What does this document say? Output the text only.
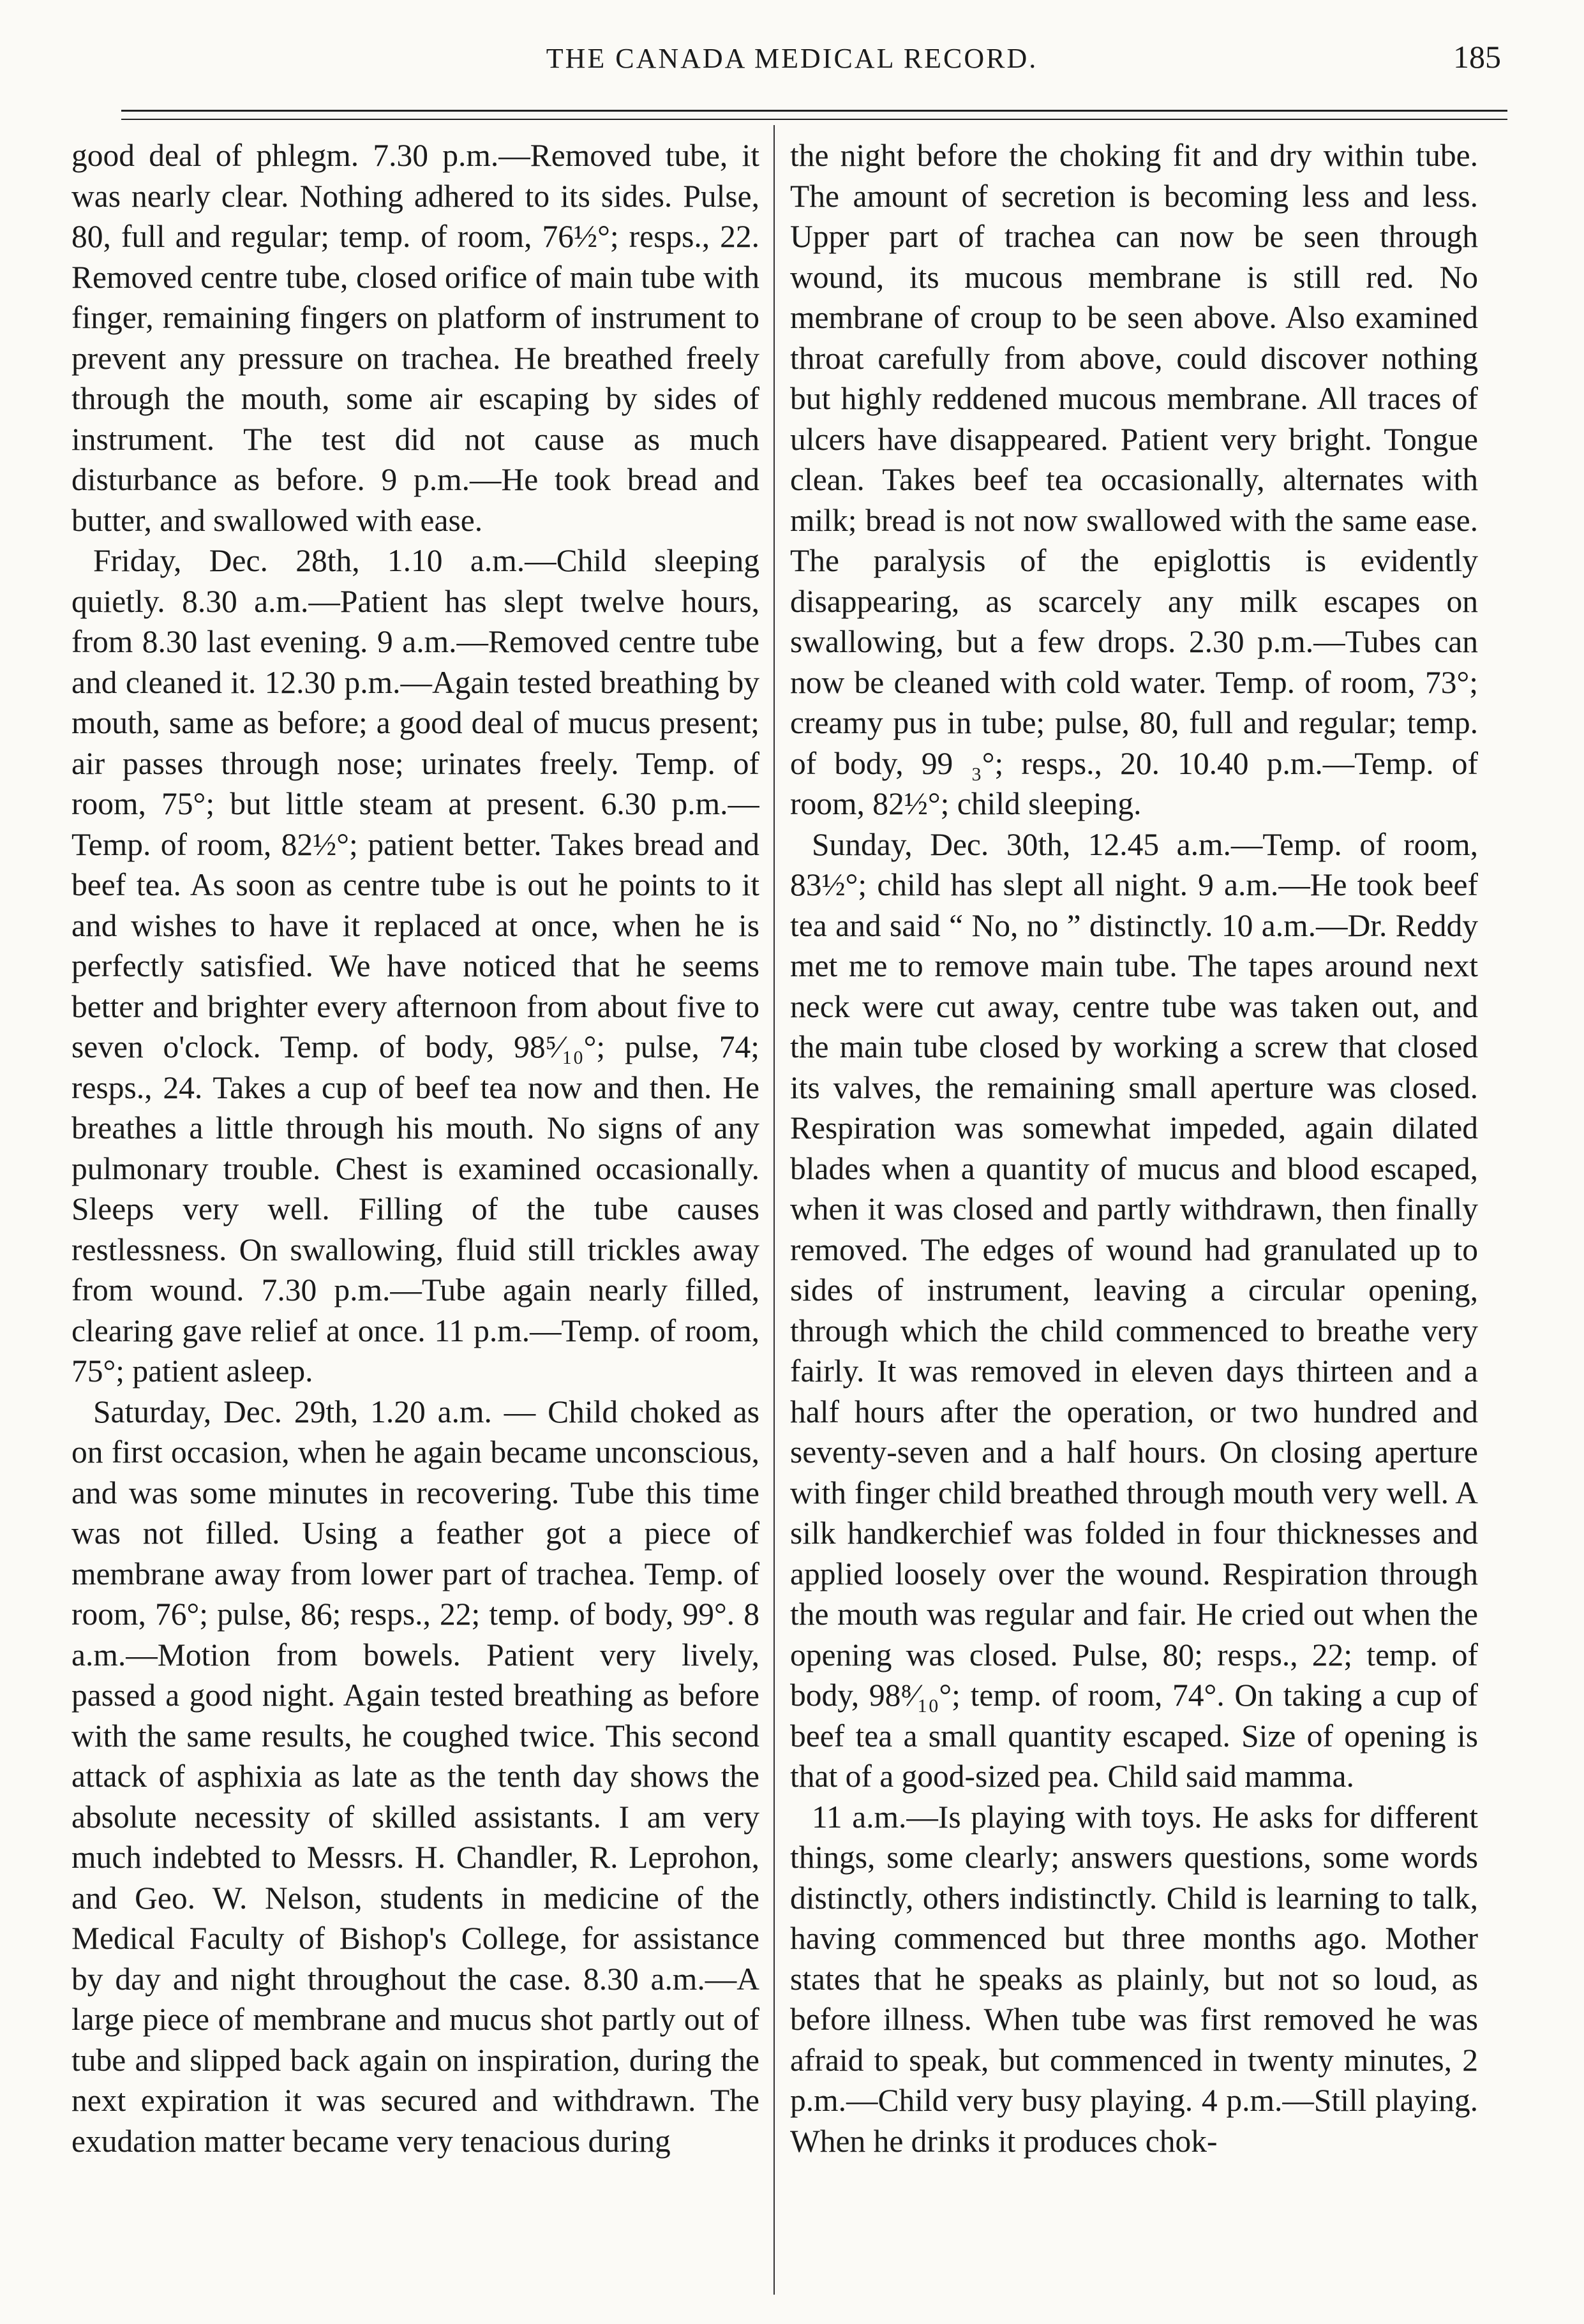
THE CANADA MEDICAL RECORD.	185

good deal of phlegm. 7.30 p.m.—Removed tube, it was nearly clear. Nothing adhered to its sides. Pulse, 80, full and regular; temp. of room, 76½°; resps., 22. Removed centre tube, closed orifice of main tube with finger, remaining fingers on platform of instrument to prevent any pressure on trachea. He breathed freely through the mouth, some air escaping by sides of instrument. The test did not cause as much disturbance as before. 9 p.m.—He took bread and butter, and swallowed with ease.

Friday, Dec. 28th, 1.10 a.m.—Child sleeping quietly. 8.30 a.m.—Patient has slept twelve hours, from 8.30 last evening. 9 a.m.—Removed centre tube and cleaned it. 12.30 p.m.—Again tested breathing by mouth, same as before; a good deal of mucus present; air passes through nose; urinates freely. Temp. of room, 75°; but little steam at present. 6.30 p.m.—Temp. of room, 82½°; patient better. Takes bread and beef tea. As soon as centre tube is out he points to it and wishes to have it replaced at once, when he is perfectly satisfied. We have noticed that he seems better and brighter every afternoon from about five to seven o'clock. Temp. of body, 98⁵⁄₁₀°; pulse, 74; resps., 24. Takes a cup of beef tea now and then. He breathes a little through his mouth. No signs of any pulmonary trouble. Chest is examined occasionally. Sleeps very well. Filling of the tube causes restlessness. On swallowing, fluid still trickles away from wound. 7.30 p.m.—Tube again nearly filled, clearing gave relief at once. 11 p.m.—Temp. of room, 75°; patient asleep.

Saturday, Dec. 29th, 1.20 a.m. — Child choked as on first occasion, when he again became unconscious, and was some minutes in recovering. Tube this time was not filled. Using a feather got a piece of membrane away from lower part of trachea. Temp. of room, 76°; pulse, 86; resps., 22; temp. of body, 99°. 8 a.m.—Motion from bowels. Patient very lively, passed a good night. Again tested breathing as before with the same results, he coughed twice. This second attack of asphixia as late as the tenth day shows the absolute necessity of skilled assistants. I am very much indebted to Messrs. H. Chandler, R. Leprohon, and Geo. W. Nelson, students in medicine of the Medical Faculty of Bishop's College, for assistance by day and night throughout the case. 8.30 a.m.—A large piece of membrane and mucus shot partly out of tube and slipped back again on inspiration, during the next expiration it was secured and withdrawn. The exudation matter became very tenacious during

the night before the choking fit and dry within tube. The amount of secretion is becoming less and less. Upper part of trachea can now be seen through wound, its mucous membrane is still red. No membrane of croup to be seen above. Also examined throat carefully from above, could discover nothing but highly reddened mucous membrane. All traces of ulcers have disappeared. Patient very bright. Tongue clean. Takes beef tea occasionally, alternates with milk; bread is not now swallowed with the same ease. The paralysis of the epiglottis is evidently disappearing, as scarcely any milk escapes on swallowing, but a few drops. 2.30 p.m.—Tubes can now be cleaned with cold water. Temp. of room, 73°; creamy pus in tube; pulse, 80, full and regular; temp. of body, 99 ₃°; resps., 20. 10.40 p.m.—Temp. of room, 82½°; child sleeping.

Sunday, Dec. 30th, 12.45 a.m.—Temp. of room, 83½°; child has slept all night. 9 a.m.—He took beef tea and said “ No, no ” distinctly. 10 a.m.—Dr. Reddy met me to remove main tube. The tapes around next neck were cut away, centre tube was taken out, and the main tube closed by working a screw that closed its valves, the remaining small aperture was closed. Respiration was somewhat impeded, again dilated blades when a quantity of mucus and blood escaped, when it was closed and partly withdrawn, then finally removed. The edges of wound had granulated up to sides of instrument, leaving a circular opening, through which the child commenced to breathe very fairly. It was removed in eleven days thirteen and a half hours after the operation, or two hundred and seventy-seven and a half hours. On closing aperture with finger child breathed through mouth very well. A silk handkerchief was folded in four thicknesses and applied loosely over the wound. Respiration through the mouth was regular and fair. He cried out when the opening was closed. Pulse, 80; resps., 22; temp. of body, 98⁸⁄₁₀°; temp. of room, 74°. On taking a cup of beef tea a small quantity escaped. Size of opening is that of a good-sized pea. Child said mamma.

11 a.m.—Is playing with toys. He asks for different things, some clearly; answers questions, some words distinctly, others indistinctly. Child is learning to talk, having commenced but three months ago. Mother states that he speaks as plainly, but not so loud, as before illness. When tube was first removed he was afraid to speak, but commenced in twenty minutes, 2 p.m.—Child very busy playing. 4 p.m.—Still playing. When he drinks it produces chok-
